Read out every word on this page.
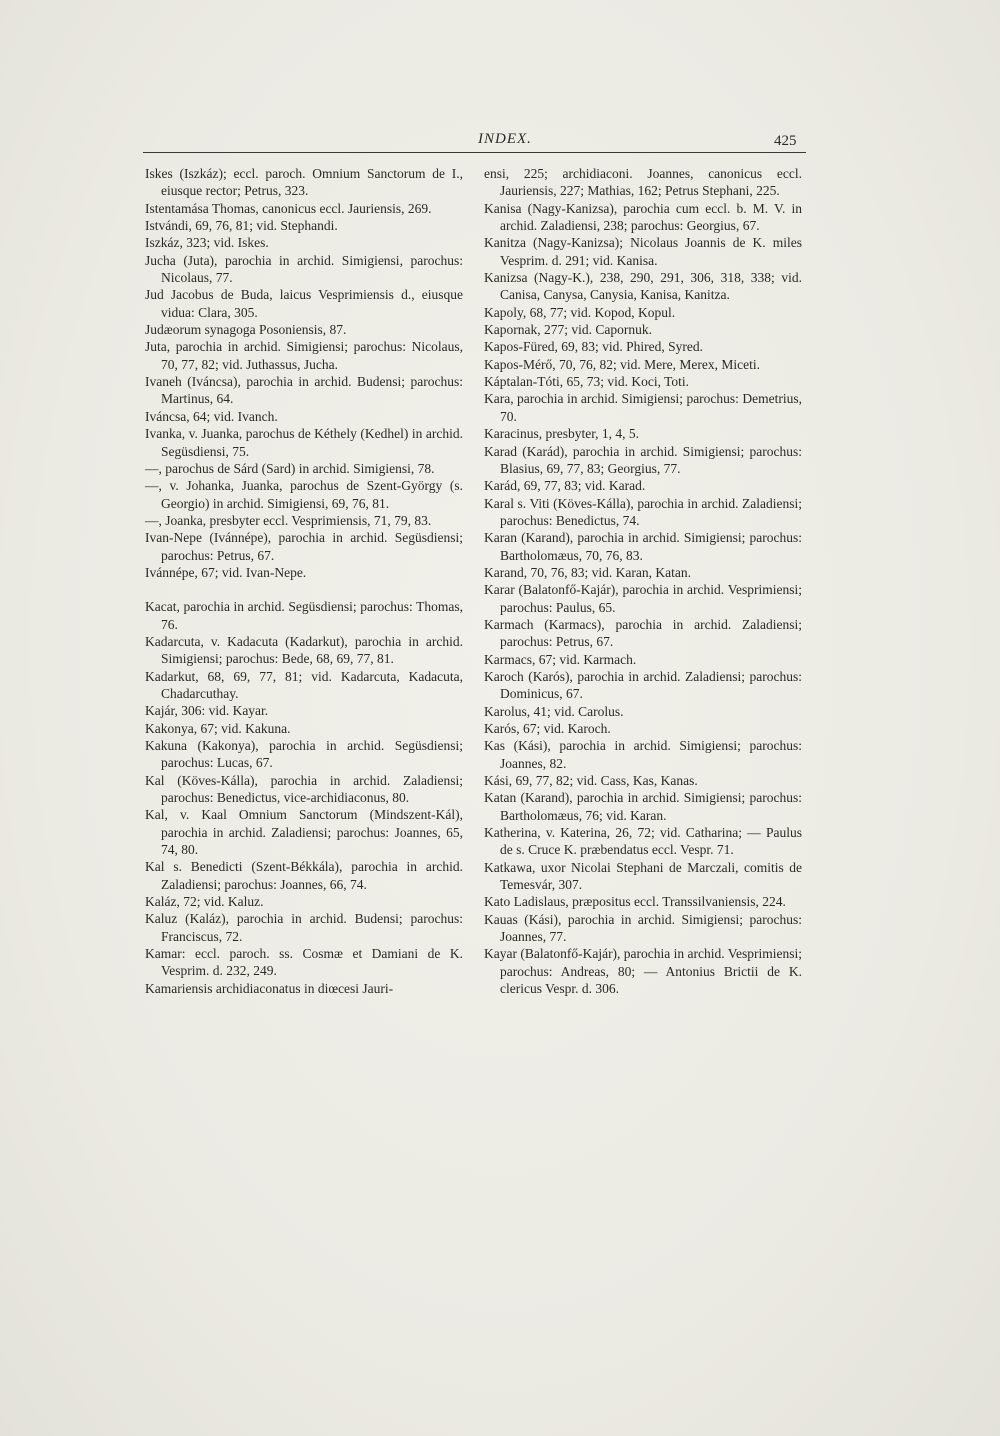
INDEX.	425

Iskes (Iszkáz); eccl. paroch. Omnium Sanctorum de I., eiusque rector; Petrus, 323.

Istentamása Thomas, canonicus eccl. Jauriensis, 269.

Istvándi, 69, 76, 81; vid. Stephandi.

Iszkáz, 323; vid. Iskes.

Jucha (Juta), parochia in archid. Simigiensi, parochus: Nicolaus, 77.

Jud Jacobus de Buda, laicus Vesprimiensis d., eiusque vidua: Clara, 305.

Judæorum synagoga Posoniensis, 87.

Juta, parochia in archid. Simigiensi; parochus: Nicolaus, 70, 77, 82; vid. Juthassus, Jucha.

Ivaneh (Iváncsa), parochia in archid. Budensi; parochus: Martinus, 64.

Iváncsa, 64; vid. Ivanch.

Ivanka, v. Juanka, parochus de Kéthely (Kedhel) in archid. Següsdiensi, 75.

—, parochus de Sárd (Sard) in archid. Simigiensi, 78.

—, v. Johanka, Juanka, parochus de Szent-György (s. Georgio) in archid. Simigiensi, 69, 76, 81.

—, Joanka, presbyter eccl. Vesprimiensis, 71, 79, 83.

Ivan-Nepe (Ivánnépe), parochia in archid. Següsdiensi; parochus: Petrus, 67.

Ivánnépe, 67; vid. Ivan-Nepe.

Kacat, parochia in archid. Següsdiensi; parochus: Thomas, 76.

Kadarcuta, v. Kadacuta (Kadarkut), parochia in archid. Simigiensi; parochus: Bede, 68, 69, 77, 81.

Kadarkut, 68, 69, 77, 81; vid. Kadarcuta, Kadacuta, Chadarcuthay.

Kajár, 306: vid. Kayar.

Kakonya, 67; vid. Kakuna.

Kakuna (Kakonya), parochia in archid. Següsdiensi; parochus: Lucas, 67.

Kal (Köves-Kálla), parochia in archid. Zaladiensi; parochus: Benedictus, vice-archidiaconus, 80.

Kal, v. Kaal Omnium Sanctorum (Mindszent-Kál), parochia in archid. Zaladiensi; parochus: Joannes, 65, 74, 80.

Kal s. Benedicti (Szent-Békkála), parochia in archid. Zaladiensi; parochus: Joannes, 66, 74.

Kaláz, 72; vid. Kaluz.

Kaluz (Kaláz), parochia in archid. Budensi; parochus: Franciscus, 72.

Kamar: eccl. paroch. ss. Cosmæ et Damiani de K. Vesprim. d. 232, 249.

Kamariensis archidiaconatus in diœcesi Jauri-

ensi, 225; archidiaconi. Joannes, canonicus eccl. Jauriensis, 227; Mathias, 162; Petrus Stephani, 225.

Kanisa (Nagy-Kanizsa), parochia cum eccl. b. M. V. in archid. Zaladiensi, 238; parochus: Georgius, 67.

Kanitza (Nagy-Kanizsa); Nicolaus Joannis de K. miles Vesprim. d. 291; vid. Kanisa.

Kanizsa (Nagy-K.), 238, 290, 291, 306, 318, 338; vid. Canisa, Canysa, Canysia, Kanisa, Kanitza.

Kapoly, 68, 77; vid. Kopod, Kopul.

Kapornak, 277; vid. Capornuk.

Kapos-Füred, 69, 83; vid. Phired, Syred.

Kapos-Mérő, 70, 76, 82; vid. Mere, Merex, Miceti.

Káptalan-Tóti, 65, 73; vid. Koci, Toti.

Kara, parochia in archid. Simigiensi; parochus: Demetrius, 70.

Karacinus, presbyter, 1, 4, 5.

Karad (Karád), parochia in archid. Simigiensi; parochus: Blasius, 69, 77, 83; Georgius, 77.

Karád, 69, 77, 83; vid. Karad.

Karal s. Viti (Köves-Kálla), parochia in archid. Zaladiensi; parochus: Benedictus, 74.

Karan (Karand), parochia in archid. Simigiensi; parochus: Bartholomæus, 70, 76, 83.

Karand, 70, 76, 83; vid. Karan, Katan.

Karar (Balatonfő-Kajár), parochia in archid. Vesprimiensi; parochus: Paulus, 65.

Karmach (Karmacs), parochia in archid. Zaladiensi; parochus: Petrus, 67.

Karmacs, 67; vid. Karmach.

Karoch (Karós), parochia in archid. Zaladiensi; parochus: Dominicus, 67.

Karolus, 41; vid. Carolus.

Karós, 67; vid. Karoch.

Kas (Kási), parochia in archid. Simigiensi; parochus: Joannes, 82.

Kási, 69, 77, 82; vid. Cass, Kas, Kanas.

Katan (Karand), parochia in archid. Simigiensi; parochus: Bartholomæus, 76; vid. Karan.

Katherina, v. Katerina, 26, 72; vid. Catharina; — Paulus de s. Cruce K. præbendatus eccl. Vespr. 71.

Katkawa, uxor Nicolai Stephani de Marczali, comitis de Temesvár, 307.

Kato Ladislaus, præpositus eccl. Transsilvaniensis, 224.

Kauas (Kási), parochia in archid. Simigiensi; parochus: Joannes, 77.

Kayar (Balatonfő-Kajár), parochia in archid. Vesprimiensi; parochus: Andreas, 80; — Antonius Brictii de K. clericus Vespr. d. 306.
